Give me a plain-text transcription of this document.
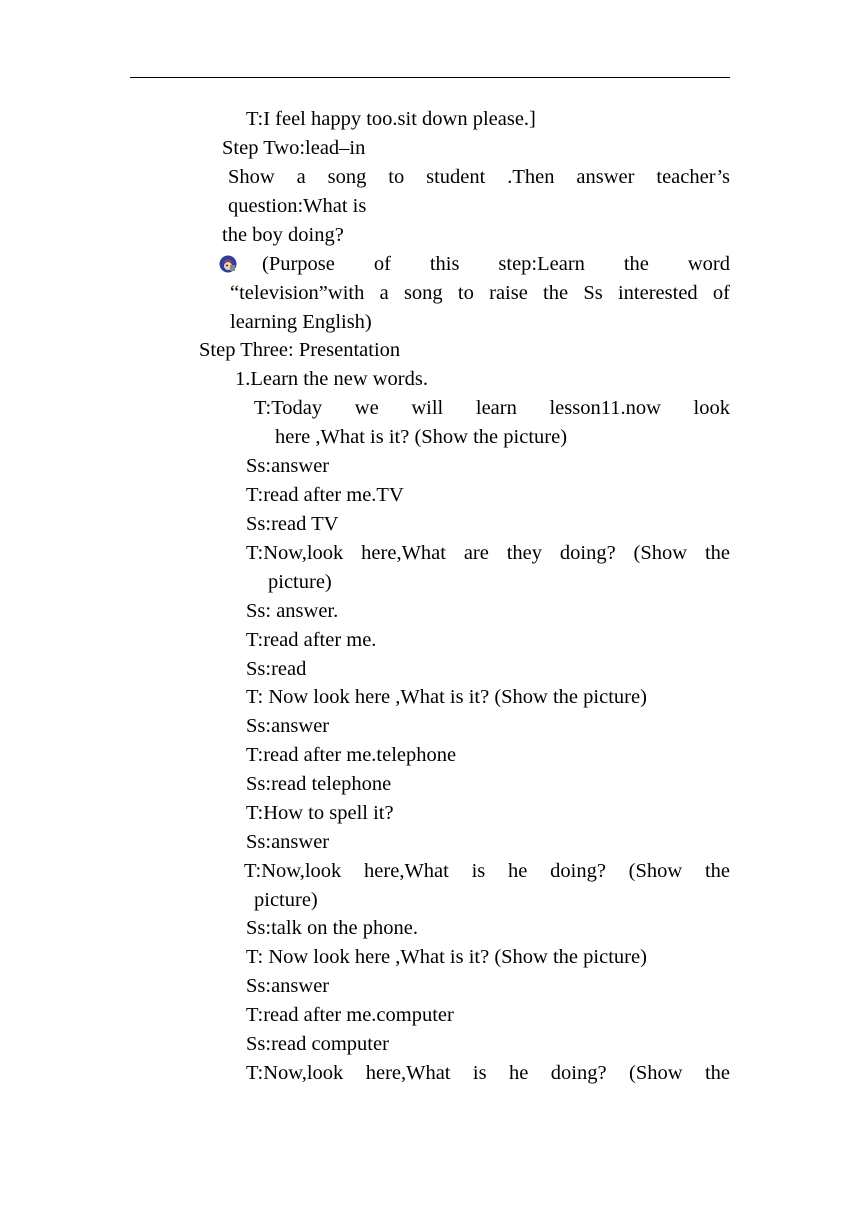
T:I feel happy too.sit down please.]

Step Two:lead–in

Show a song to student .Then answer teacher’s

question:What is

the boy doing?

(Purpose of this step:Learn the word

“television”with a song to raise the Ss interested of

learning English)

Step Three: Presentation

1.Learn the new words.

T:Today we will learn lesson11.now look

here ,What is it? (Show the picture)

Ss:answer

T:read after me.TV

Ss:read TV

T:Now,look here,What are they doing? (Show the

picture)

Ss: answer.

T:read after me.

Ss:read

T: Now look here ,What is it? (Show the picture)

Ss:answer

T:read after me.telephone

Ss:read telephone

T:How to spell it?

Ss:answer

T:Now,look here,What is he doing? (Show the

picture)

Ss:talk on the phone.

T: Now look here ,What is it? (Show the picture)

Ss:answer

T:read after me.computer

Ss:read computer

T:Now,look here,What is he doing? (Show the
